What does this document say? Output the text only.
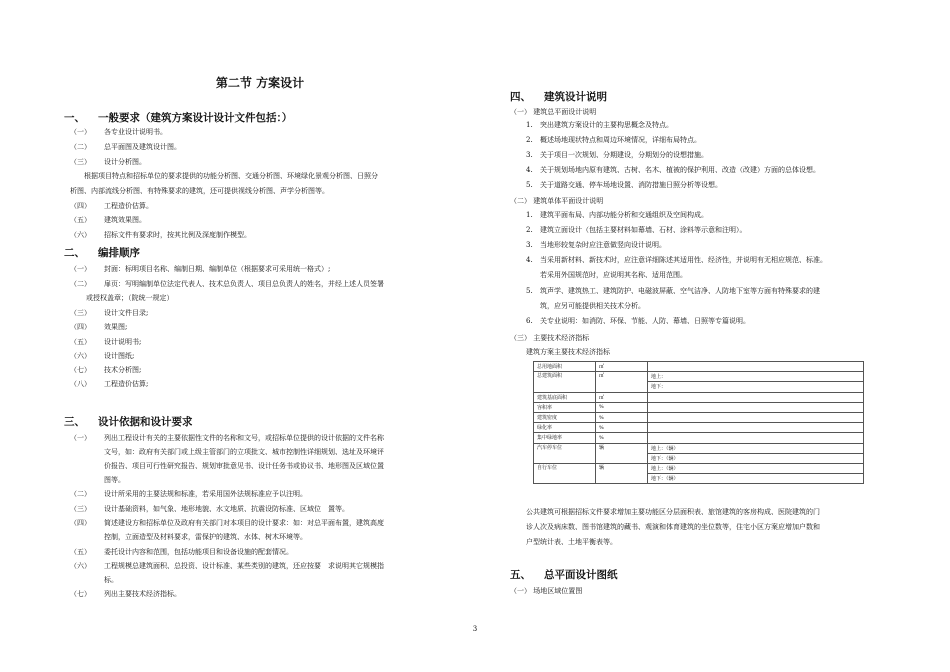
第二节 方案设计
一、 一般要求（建筑方案设计设计文件包括：）
（一） 各专业设计说明书。
（二） 总平面图及建筑设计图。
（三） 设计分析图。
根据项目特点和招标单位的要求提供的功能分析图、交通分析图、环境绿化景观分析图、日照分
析图、内部流线分析图、有特殊要求的建筑，还可提供视线分析图、声学分析图等。
（四） 工程造价估算。
（五） 建筑效果图。
（六） 招标文件有要求时，按其比例及深度制作模型。
二、 编排顺序
（一） 封面：标明项目名称、编制日期、编制单位（根据要求可采用统一格式）;
（二） 扉页：写明编制单位法定代表人、技术总负责人、项目总负责人的姓名，并经上述人员签署
或授权盖章；（院统一规定）
（三） 设计文件目录;
（四） 效果图;
（五） 设计说明书;
（六） 设计图纸;
（七） 技术分析图;
（八） 工程造价估算;
三、 设计依据和设计要求
（一） 列出工程设计有关的主要依据性文件的名称和文号，或招标单位提供的设计依据的文件名称
文号，如：政府有关部门或上级主管部门的立项批文、城市控制性详细规划、选址及环境评
价报告、项目可行性研究报告、规划审批意见书、设计任务书或协议书、地形图及区域位置
图等。
（二） 设计所采用的主要法规和标准，若采用国外法规标准应予以注明。
（三） 设计基础资料，如气象、地形地貌、水文地质、抗震设防标准、区域位　置等。
（四） 简述建设方和招标单位及政府有关部门对本项目的设计要求：如：对总平面布置，建筑高度
控制，立面造型及材料要求，雷保护的建筑、水体、树木环境等。
（五） 委托设计内容和范围，包括功能项目和设备设施的配套情况。
（六） 工程规模总建筑面积、总投资、设计标准、某些类别的建筑，还应按要　求说明其它规模指
标。
（七） 列出主要技术经济指标。
四、 建筑设计说明
（一） 建筑总平面设计说明
1. 突出建筑方案设计的主要构思概念及特点。
2. 概述场地现状特点和周边环境情况，详细布局特点。
3. 关于项目一次规划、分期建设，分期划分的设想措施。
4. 关于规划场地内原有建筑、古树、名木、植被的保护利用、改造（改建）方面的总体设想。
5. 关于道路交通、停车场地设置、消防措施日照分析等设想。
（二） 建筑单体平面设计说明
1. 建筑平面布局、内部功能分析和交通组织及空间构成。
2. 建筑立面设计（包括主要材料如幕墙、石材、涂料等示意和注明）。
3. 当地形较复杂时应注意做竖向设计说明。
4. 当采用新材料、新技术时，应注意详细陈述其适用性、经济性，并说明有无相应规范、标准。
若采用外国规范时，应说明其名称、适用范围。
5. 筑声学、建筑热工、建筑防护、电磁波屏蔽、空气洁净、人防地下室等方面有特殊要求的建
筑，应另可能提供相关技术分析。
6. 关专业说明：如消防、环保、节能、人防、幕墙、日照等专篇说明。
（三） 主要技术经济指标
建筑方案主要技术经济指标
总用地面积	㎡	
总建筑面积	㎡	地上：
		地下：
建筑基底面积	㎡	
容积率	%	
建筑密度	%	
绿化率	%	
集中绿地率	%	
汽车停车位	辆	地上：（辆）
		地下：（辆）
自行车位	辆	地上：（辆）
		地下：（辆）
公共建筑可根据招标文件要求增加主要功能区分层面积表、旅馆建筑的客房构成、医院建筑的门
诊人次及病床数、图书馆建筑的藏书、观演和体育建筑的坐位数等，住宅小区方案应增加户数和
户型统计表、土地平衡表等。
五、 总平面设计图纸
（一） 场地区域位置图
3
